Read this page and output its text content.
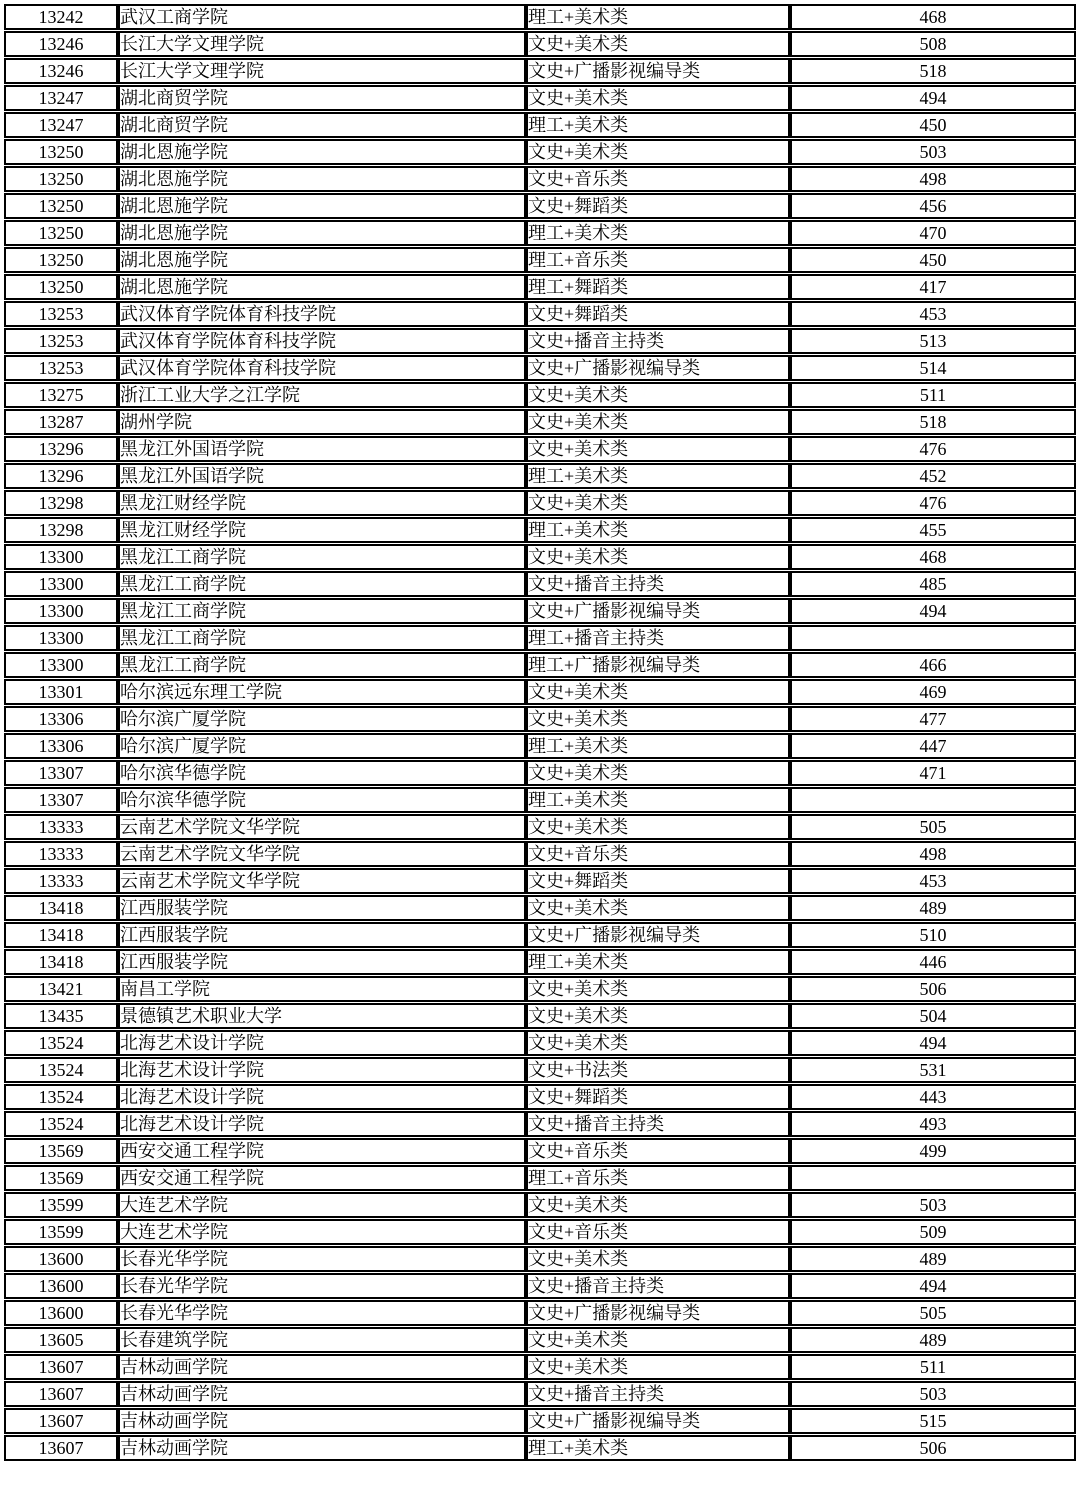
13242	武汉工商学院	理工+美术类	468
13246	长江大学文理学院	文史+美术类	508
13246	长江大学文理学院	文史+广播影视编导类	518
13247	湖北商贸学院	文史+美术类	494
13247	湖北商贸学院	理工+美术类	450
13250	湖北恩施学院	文史+美术类	503
13250	湖北恩施学院	文史+音乐类	498
13250	湖北恩施学院	文史+舞蹈类	456
13250	湖北恩施学院	理工+美术类	470
13250	湖北恩施学院	理工+音乐类	450
13250	湖北恩施学院	理工+舞蹈类	417
13253	武汉体育学院体育科技学院	文史+舞蹈类	453
13253	武汉体育学院体育科技学院	文史+播音主持类	513
13253	武汉体育学院体育科技学院	文史+广播影视编导类	514
13275	浙江工业大学之江学院	文史+美术类	511
13287	湖州学院	文史+美术类	518
13296	黑龙江外国语学院	文史+美术类	476
13296	黑龙江外国语学院	理工+美术类	452
13298	黑龙江财经学院	文史+美术类	476
13298	黑龙江财经学院	理工+美术类	455
13300	黑龙江工商学院	文史+美术类	468
13300	黑龙江工商学院	文史+播音主持类	485
13300	黑龙江工商学院	文史+广播影视编导类	494
13300	黑龙江工商学院	理工+播音主持类	
13300	黑龙江工商学院	理工+广播影视编导类	466
13301	哈尔滨远东理工学院	文史+美术类	469
13306	哈尔滨广厦学院	文史+美术类	477
13306	哈尔滨广厦学院	理工+美术类	447
13307	哈尔滨华德学院	文史+美术类	471
13307	哈尔滨华德学院	理工+美术类	
13333	云南艺术学院文华学院	文史+美术类	505
13333	云南艺术学院文华学院	文史+音乐类	498
13333	云南艺术学院文华学院	文史+舞蹈类	453
13418	江西服装学院	文史+美术类	489
13418	江西服装学院	文史+广播影视编导类	510
13418	江西服装学院	理工+美术类	446
13421	南昌工学院	文史+美术类	506
13435	景德镇艺术职业大学	文史+美术类	504
13524	北海艺术设计学院	文史+美术类	494
13524	北海艺术设计学院	文史+书法类	531
13524	北海艺术设计学院	文史+舞蹈类	443
13524	北海艺术设计学院	文史+播音主持类	493
13569	西安交通工程学院	文史+音乐类	499
13569	西安交通工程学院	理工+音乐类	
13599	大连艺术学院	文史+美术类	503
13599	大连艺术学院	文史+音乐类	509
13600	长春光华学院	文史+美术类	489
13600	长春光华学院	文史+播音主持类	494
13600	长春光华学院	文史+广播影视编导类	505
13605	长春建筑学院	文史+美术类	489
13607	吉林动画学院	文史+美术类	511
13607	吉林动画学院	文史+播音主持类	503
13607	吉林动画学院	文史+广播影视编导类	515
13607	吉林动画学院	理工+美术类	506
